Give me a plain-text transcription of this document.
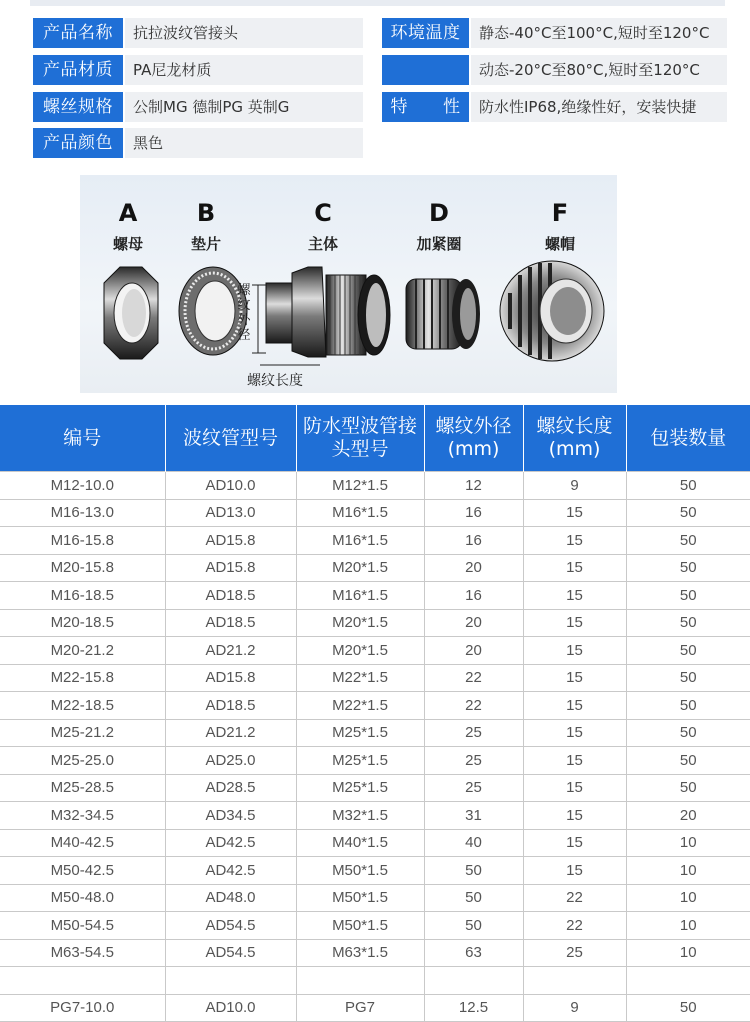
产品名称	抗拉波纹管接头
产品材质	PA尼龙材质
螺丝规格	公制MG 德制PG 英制G
产品颜色	黑色
环境温度	静态-40°C至100°C,短时至120°C
动态-20°C至80°C,短时至120°C
特　　性	防水性IP68,绝缘性好，安装快捷
A
螺母
B
垫片
C
主体
D
加紧圈
F
螺帽
螺纹外径
螺纹长度
编号	波纹管型号	防水型波管接头型号	螺纹外径(mm)	螺纹长度(mm)	包装数量
M12-10.0	AD10.0	M12*1.5	12	9	50
M16-13.0	AD13.0	M16*1.5	16	15	50
M16-15.8	AD15.8	M16*1.5	16	15	50
M20-15.8	AD15.8	M20*1.5	20	15	50
M16-18.5	AD18.5	M16*1.5	16	15	50
M20-18.5	AD18.5	M20*1.5	20	15	50
M20-21.2	AD21.2	M20*1.5	20	15	50
M22-15.8	AD15.8	M22*1.5	22	15	50
M22-18.5	AD18.5	M22*1.5	22	15	50
M25-21.2	AD21.2	M25*1.5	25	15	50
M25-25.0	AD25.0	M25*1.5	25	15	50
M25-28.5	AD28.5	M25*1.5	25	15	50
M32-34.5	AD34.5	M32*1.5	31	15	20
M40-42.5	AD42.5	M40*1.5	40	15	10
M50-42.5	AD42.5	M50*1.5	50	15	10
M50-48.0	AD48.0	M50*1.5	50	22	10
M50-54.5	AD54.5	M50*1.5	50	22	10
M63-54.5	AD54.5	M63*1.5	63	25	10

PG7-10.0	AD10.0	PG7	12.5	9	50
